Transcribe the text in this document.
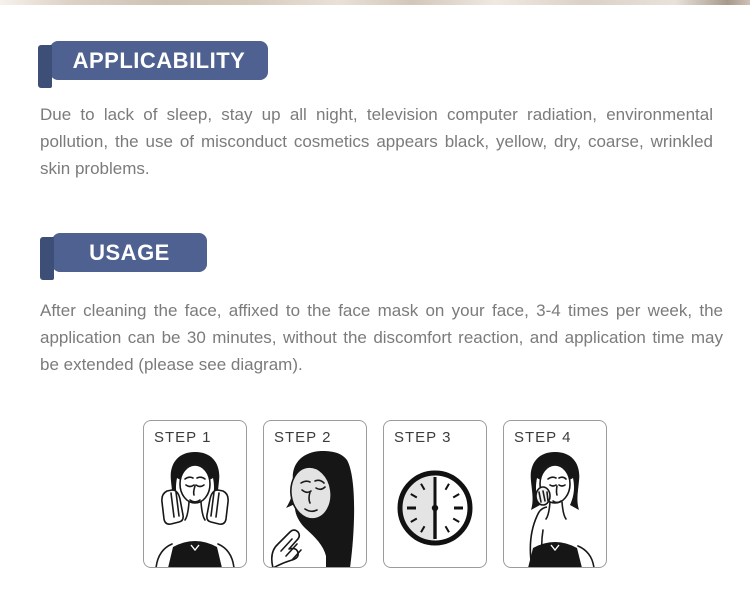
APPLICABILITY

Due to lack of sleep, stay up all night, television computer radiation, environmental pollution, the use of misconduct cosmetics appears black, yellow, dry, coarse, wrinkled skin problems.

USAGE

After cleaning the face, affixed to the face mask on your face, 3-4 times per week, the application can be 30 minutes, without the discomfort reaction, and application time may be extended (please see diagram).

STEP 1	STEP 2	STEP 3	STEP 4
